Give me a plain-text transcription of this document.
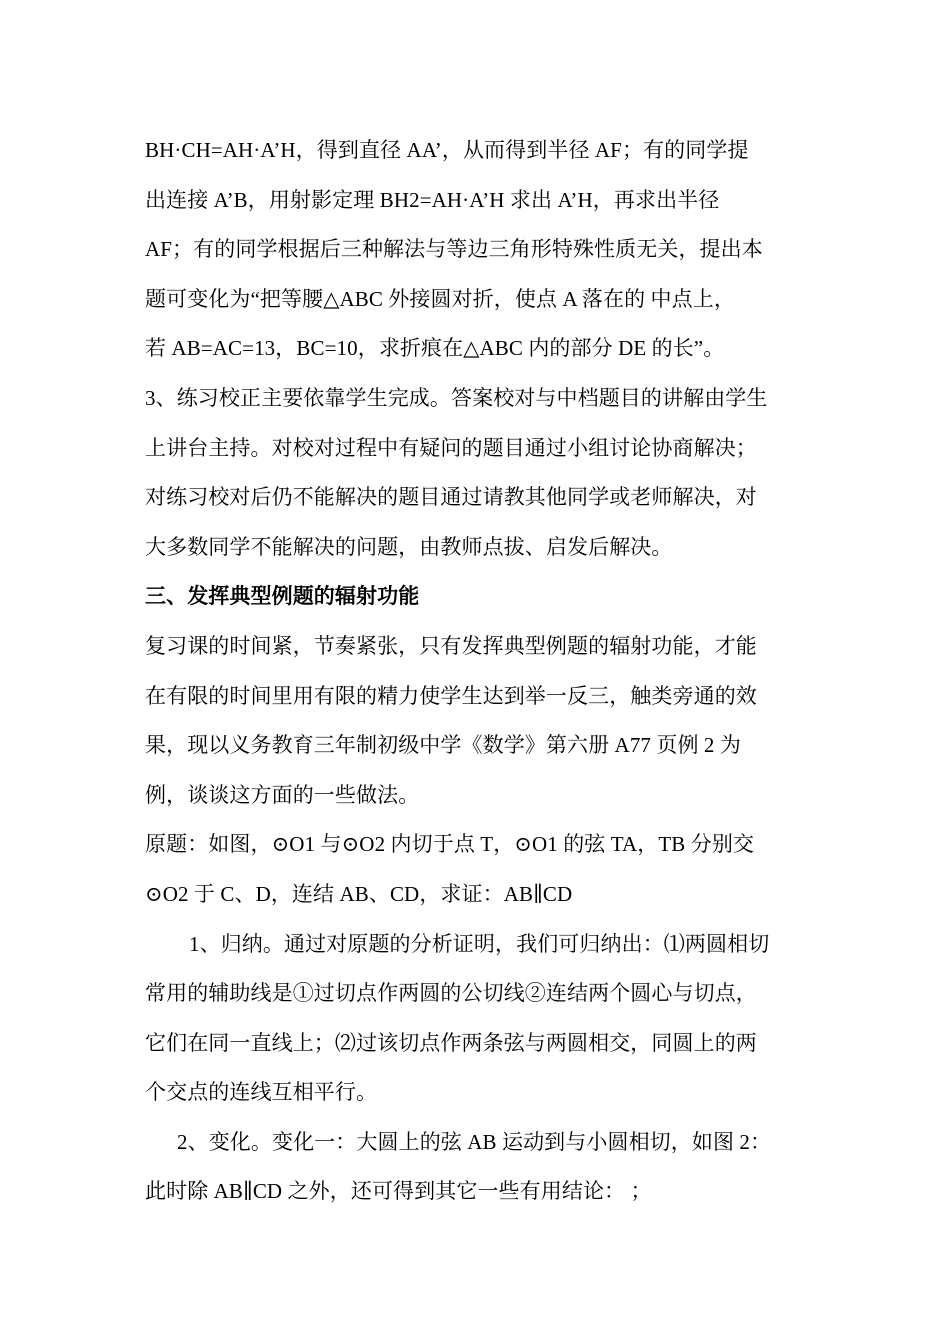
BH·CH=AH·A’H，得到直径 AA’，从而得到半径 AF；有的同学提
出连接 A’B，用射影定理 BH2=AH·A’H 求出 A’H，再求出半径
AF；有的同学根据后三种解法与等边三角形特殊性质无关，提出本
题可变化为“把等腰△ABC 外接圆对折，使点 A 落在的 中点上，
若 AB=AC=13，BC=10，求折痕在△ABC 内的部分 DE 的长”。
3、练习校正主要依靠学生完成。答案校对与中档题目的讲解由学生
上讲台主持。对校对过程中有疑问的题目通过小组讨论协商解决；
对练习校对后仍不能解决的题目通过请教其他同学或老师解决，对
大多数同学不能解决的问题，由教师点拔、启发后解决。
三、发挥典型例题的辐射功能
复习课的时间紧，节奏紧张，只有发挥典型例题的辐射功能，才能
在有限的时间里用有限的精力使学生达到举一反三，触类旁通的效
果，现以义务教育三年制初级中学《数学》第六册 A77 页例 2 为
例，谈谈这方面的一些做法。
原题：如图，⊙O1 与⊙O2 内切于点 T，⊙O1 的弦 TA，TB 分别交
⊙O2 于 C、D，连结 AB、CD，求证：AB∥CD
1、归纳。通过对原题的分析证明，我们可归纳出：⑴两圆相切
常用的辅助线是①过切点作两圆的公切线②连结两个圆心与切点，
它们在同一直线上；⑵过该切点作两条弦与两圆相交，同圆上的两
个交点的连线互相平行。
2、变化。变化一：大圆上的弦 AB 运动到与小圆相切，如图 2：
此时除 AB∥CD 之外，还可得到其它一些有用结论： ；
